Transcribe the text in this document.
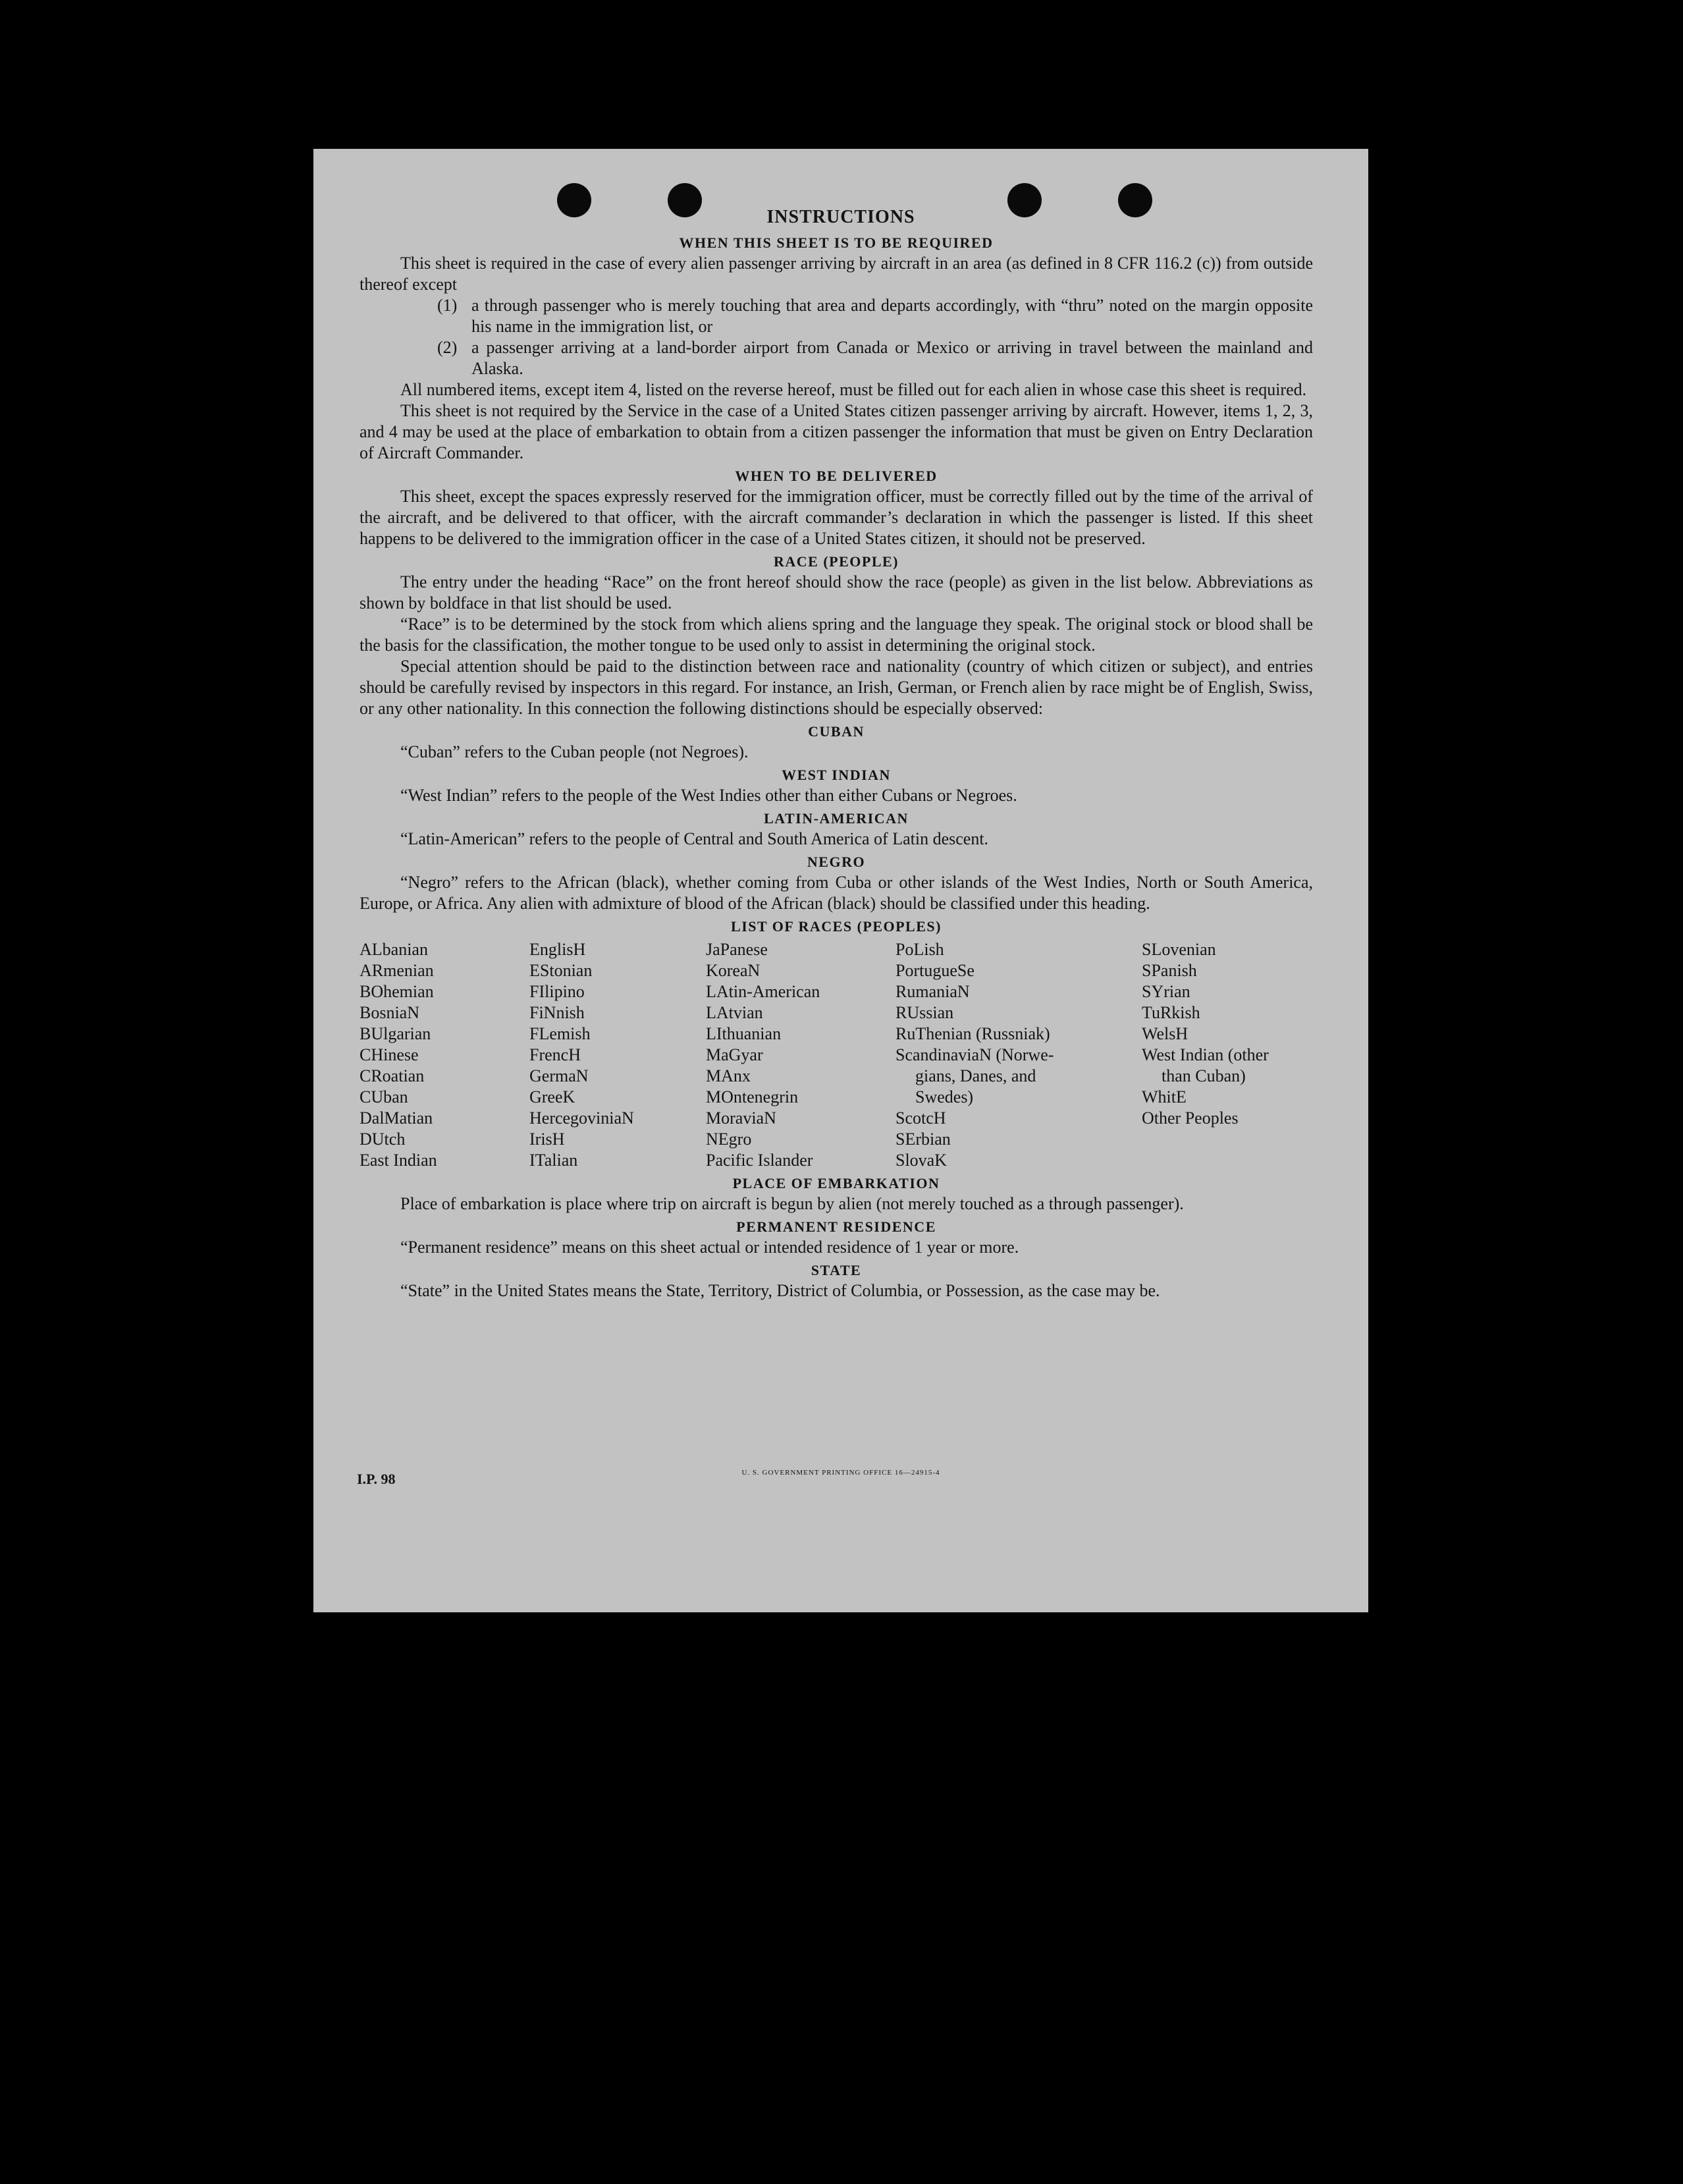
INSTRUCTIONS
WHEN THIS SHEET IS TO BE REQUIRED

This sheet is required in the case of every alien passenger arriving by aircraft in an area (as defined in 8 CFR 116.2 (c)) from outside thereof except

(1) a through passenger who is merely touching that area and departs accordingly, with “thru” noted on the margin opposite his name in the immigration list, or
(2) a passenger arriving at a land-border airport from Canada or Mexico or arriving in travel between the mainland and Alaska.

All numbered items, except item 4, listed on the reverse hereof, must be filled out for each alien in whose case this sheet is required.

This sheet is not required by the Service in the case of a United States citizen passenger arriving by aircraft. However, items 1, 2, 3, and 4 may be used at the place of embarkation to obtain from a citizen passenger the information that must be given on Entry Declaration of Aircraft Commander.

WHEN TO BE DELIVERED

This sheet, except the spaces expressly reserved for the immigration officer, must be correctly filled out by the time of the arrival of the aircraft, and be delivered to that officer, with the aircraft commander’s declaration in which the passenger is listed. If this sheet happens to be delivered to the immigration officer in the case of a United States citizen, it should not be preserved.

RACE (PEOPLE)

The entry under the heading “Race” on the front hereof should show the race (people) as given in the list below. Abbreviations as shown by boldface in that list should be used.

“Race” is to be determined by the stock from which aliens spring and the language they speak. The original stock or blood shall be the basis for the classification, the mother tongue to be used only to assist in determining the original stock.

Special attention should be paid to the distinction between race and nationality (country of which citizen or subject), and entries should be carefully revised by inspectors in this regard. For instance, an Irish, German, or French alien by race might be of English, Swiss, or any other nationality. In this connection the following distinctions should be especially observed:

CUBAN

“Cuban” refers to the Cuban people (not Negroes).

WEST INDIAN

“West Indian” refers to the people of the West Indies other than either Cubans or Negroes.

LATIN-AMERICAN

“Latin-American” refers to the people of Central and South America of Latin descent.

NEGRO

“Negro” refers to the African (black), whether coming from Cuba or other islands of the West Indies, North or South America, Europe, or Africa. Any alien with admixture of blood of the African (black) should be classified under this heading.

LIST OF RACES (PEOPLES)
ALbanian
ARmenian
BOhemian
BosniaN
BUlgarian
CHinese
CRoatian
CUban
DalMatian
DUtch
East Indian
EnglisH
EStonian
FIlipino
FiNnish
FLemish
FrencH
GermaN
GreeK
HercegoviniaN
IrisH
ITalian
JaPanese
KoreaN
LAtin-American
LAtvian
LIthuanian
MaGyar
MAnx
MOntenegrin
MoraviaN
NEgro
Pacific Islander
PoLish
PortugueSe
RumaniaN
RUssian
RuThenian (Russniak)
ScandinaviaN (Norwe-
gians, Danes, and
Swedes)
ScotcH
SErbian
SlovaK
SLovenian
SPanish
SYrian
TuRkish
WelsH
West Indian (other
than Cuban)
WhitE
Other Peoples
PLACE OF EMBARKATION

Place of embarkation is place where trip on aircraft is begun by alien (not merely touched as a through passenger).

PERMANENT RESIDENCE

“Permanent residence” means on this sheet actual or intended residence of 1 year or more.

STATE

“State” in the United States means the State, Territory, District of Columbia, or Possession, as the case may be.

I.P. 98	U. S. GOVERNMENT PRINTING OFFICE 16—24915-4
